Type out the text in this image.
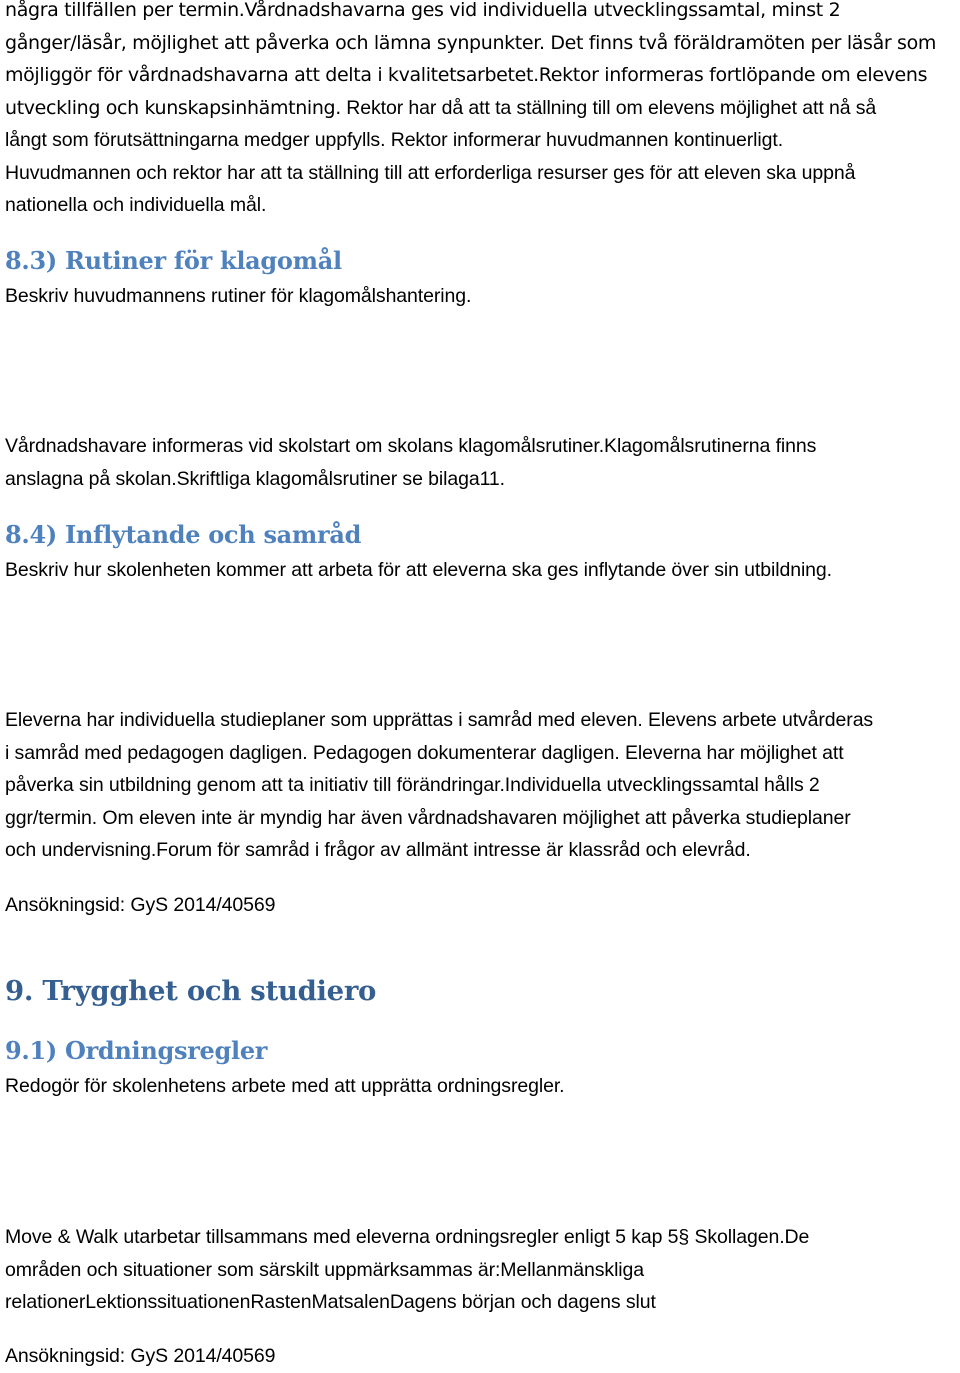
några tillfällen per termin.Vårdnadshavarna ges vid individuella utvecklingssamtal, minst 2
gånger/läsår, möjlighet att påverka och lämna synpunkter. Det finns två föräldramöten per läsår som
möjliggör för vårdnadshavarna att delta i kvalitetsarbetet.Rektor informeras fortlöpande om elevens
utveckling och kunskapsinhämtning. Rektor har då att ta ställning till om elevens möjlighet att nå så
långt som förutsättningarna medger uppfylls. Rektor informerar huvudmannen kontinuerligt.
Huvudmannen och rektor har att ta ställning till att erforderliga resurser ges för att eleven ska uppnå
nationella och individuella mål.
8.3) Rutiner för klagomål
Beskriv huvudmannens rutiner för klagomålshantering.
Vårdnadshavare informeras vid skolstart om skolans klagomålsrutiner.Klagomålsrutinerna finns
anslagna på skolan.Skriftliga klagomålsrutiner se bilaga11.
8.4) Inflytande och samråd
Beskriv hur skolenheten kommer att arbeta för att eleverna ska ges inflytande över sin utbildning.
Eleverna har individuella studieplaner som upprättas i samråd med eleven. Elevens arbete utvårderas
i samråd med pedagogen dagligen. Pedagogen dokumenterar dagligen. Eleverna har möjlighet att
påverka sin utbildning genom att ta initiativ till förändringar.Individuella utvecklingssamtal hålls 2
ggr/termin. Om eleven inte är myndig har även vårdnadshavaren möjlighet att påverka studieplaner
och undervisning.Forum för samråd i frågor av allmänt intresse är klassråd och elevråd.
Ansökningsid: GyS 2014/40569
9. Trygghet och studiero
9.1) Ordningsregler
Redogör för skolenhetens arbete med att upprätta ordningsregler.
Move & Walk utarbetar tillsammans med eleverna ordningsregler enligt 5 kap 5§ Skollagen.De
områden och situationer som särskilt uppmärksammas är:Mellanmänskliga
relationerLektionssituationenRastenMatsalenDagens början och dagens slut
Ansökningsid: GyS 2014/40569
